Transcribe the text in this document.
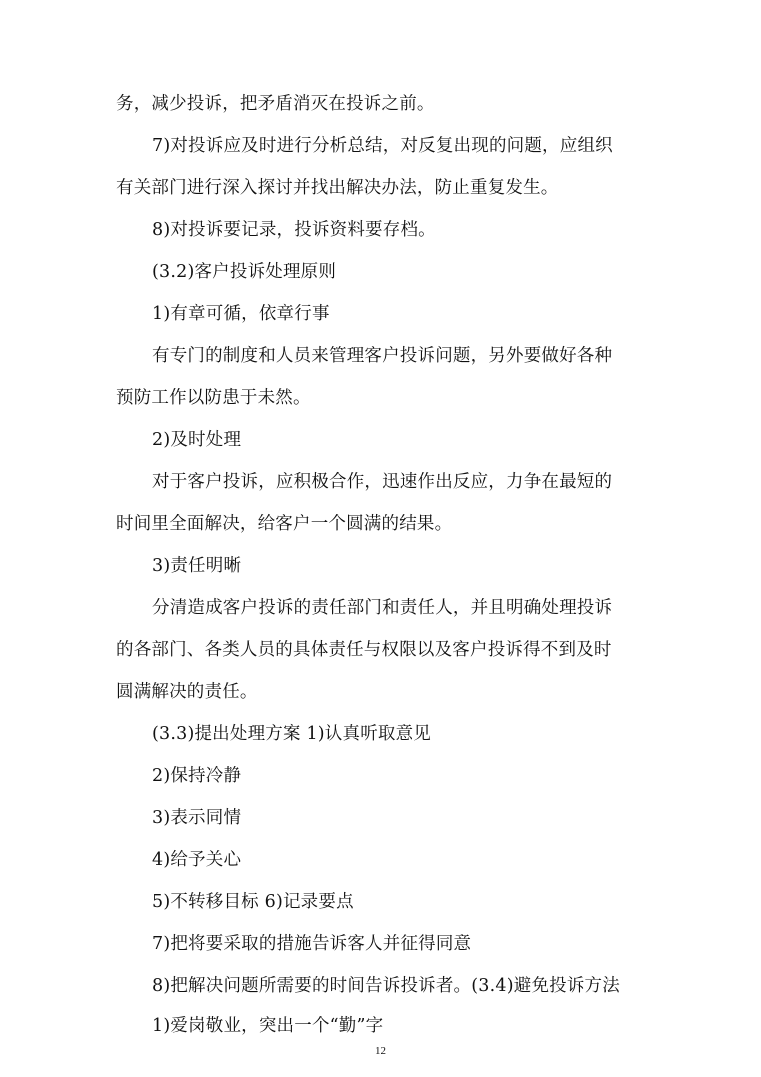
务，减少投诉，把矛盾消灭在投诉之前。
7)对投诉应及时进行分析总结，对反复出现的问题，应组织
有关部门进行深入探讨并找出解决办法，防止重复发生。
8)对投诉要记录，投诉资料要存档。
(3.2)客户投诉处理原则
1)有章可循，依章行事
有专门的制度和人员来管理客户投诉问题，另外要做好各种
预防工作以防患于未然。
2)及时处理
对于客户投诉，应积极合作，迅速作出反应，力争在最短的
时间里全面解决，给客户一个圆满的结果。
3)责任明晰
分清造成客户投诉的责任部门和责任人，并且明确处理投诉
的各部门、各类人员的具体责任与权限以及客户投诉得不到及时
圆满解决的责任。
(3.3)提出处理方案 1)认真听取意见
2)保持冷静
3)表示同情
4)给予关心
5)不转移目标 6)记录要点
7)把将要采取的措施告诉客人并征得同意
8)把解决问题所需要的时间告诉投诉者。(3.4)避免投诉方法
1)爱岗敬业，突出一个“勤”字
12
